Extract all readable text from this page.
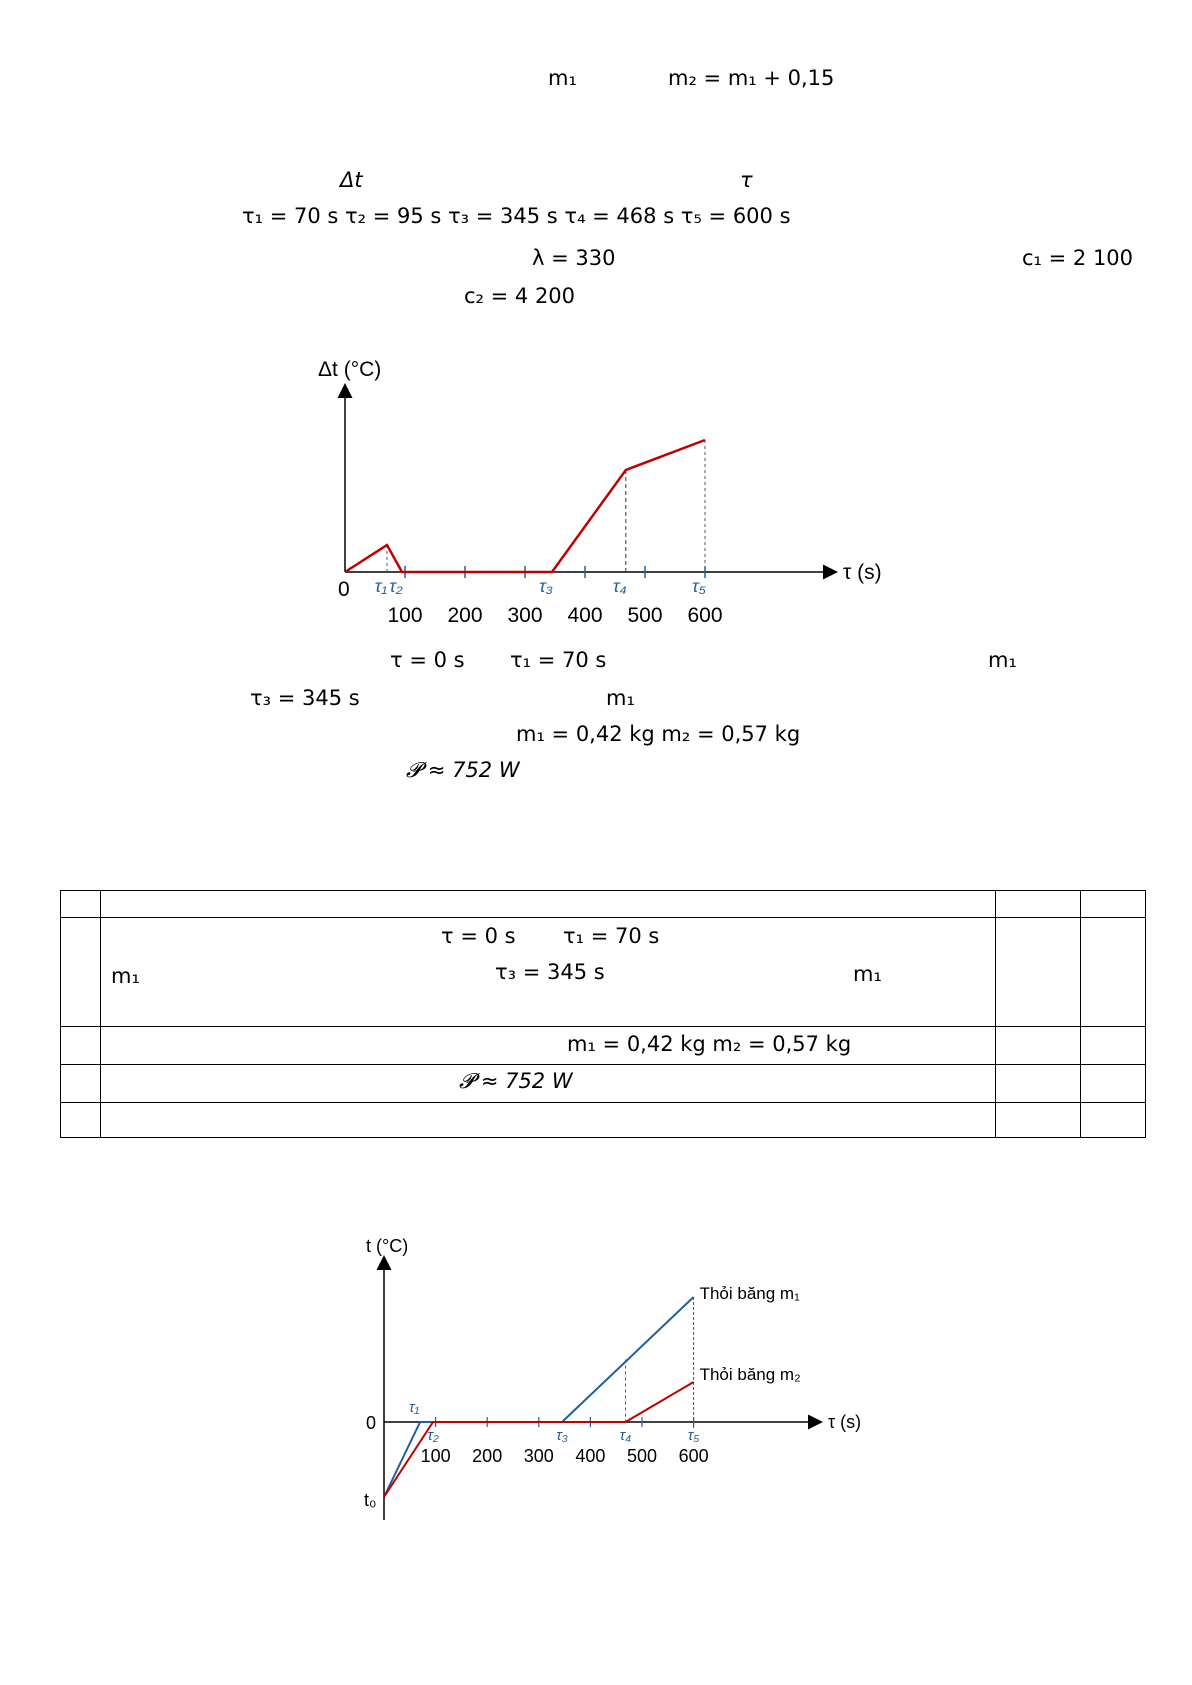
m₁	m₂ = m₁ + 0,15
Δt	τ
τ₁ = 70 s τ₂ = 95 s τ₃ = 345 s τ₄ = 468 s τ₅ = 600 s
λ = 330	c₁ = 2 100
c₂ = 4 200
Δt (°C)
τ (s)
0
100 200 300 400 500 600
τ₁ τ₂	τ₃	τ₄	τ₅
τ = 0 s τ₁ = 70 s	m₁
τ₃ = 345 s	m₁
m₁ = 0,42 kg m₂ = 0,57 kg
𝓟 ≈ 752 W
τ = 0 s τ₁ = 70 s
m₁	τ₃ = 345 s	m₁
m₁ = 0,42 kg m₂ = 0,57 kg
𝓟 ≈ 752 W
t (°C)
τ (s)
0
t₀
100 200 300 400 500 600
τ₁
τ₂	τ₃	τ₄	τ₅
Thỏi băng m₁
Thỏi băng m₂
